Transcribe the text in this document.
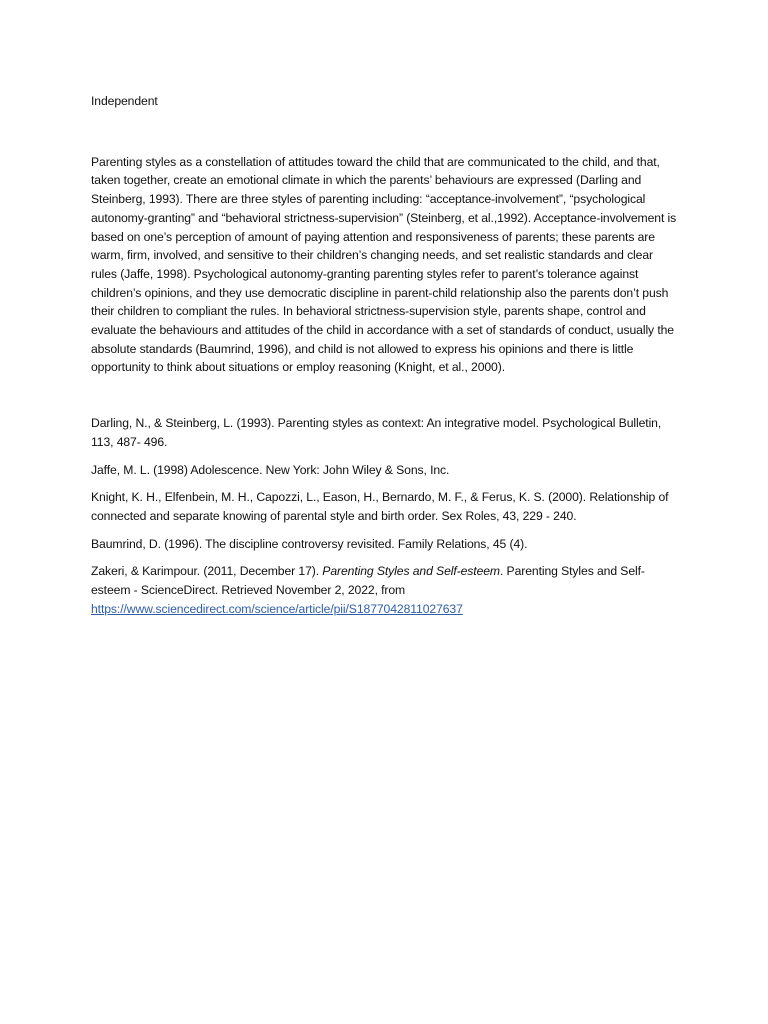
Independent

Parenting styles as a constellation of attitudes toward the child that are communicated to the child, and that, taken together, create an emotional climate in which the parents’ behaviours are expressed (Darling and Steinberg, 1993). There are three styles of parenting including: “acceptance-involvement”, “psychological autonomy-granting” and “behavioral strictness-supervision” (Steinberg, et al.,1992). Acceptance-involvement is based on one’s perception of amount of paying attention and responsiveness of parents; these parents are warm, firm, involved, and sensitive to their children’s changing needs, and set realistic standards and clear rules (Jaffe, 1998). Psychological autonomy-granting parenting styles refer to parent’s tolerance against children’s opinions, and they use democratic discipline in parent-child relationship also the parents don’t push their children to compliant the rules. In behavioral strictness-supervision style, parents shape, control and evaluate the behaviours and attitudes of the child in accordance with a set of standards of conduct, usually the absolute standards (Baumrind, 1996), and child is not allowed to express his opinions and there is little opportunity to think about situations or employ reasoning (Knight, et al., 2000).

Darling, N., & Steinberg, L. (1993). Parenting styles as context: An integrative model. Psychological Bulletin, 113, 487- 496.

Jaffe, M. L. (1998) Adolescence. New York: John Wiley & Sons, Inc.

Knight, K. H., Elfenbein, M. H., Capozzi, L., Eason, H., Bernardo, M. F., & Ferus, K. S. (2000). Relationship of connected and separate knowing of parental style and birth order. Sex Roles, 43, 229 - 240.

Baumrind, D. (1996). The discipline controversy revisited. Family Relations, 45 (4).

Zakeri, & Karimpour. (2011, December 17). Parenting Styles and Self-esteem. Parenting Styles and Self-esteem - ScienceDirect. Retrieved November 2, 2022, from https://www.sciencedirect.com/science/article/pii/S1877042811027637
